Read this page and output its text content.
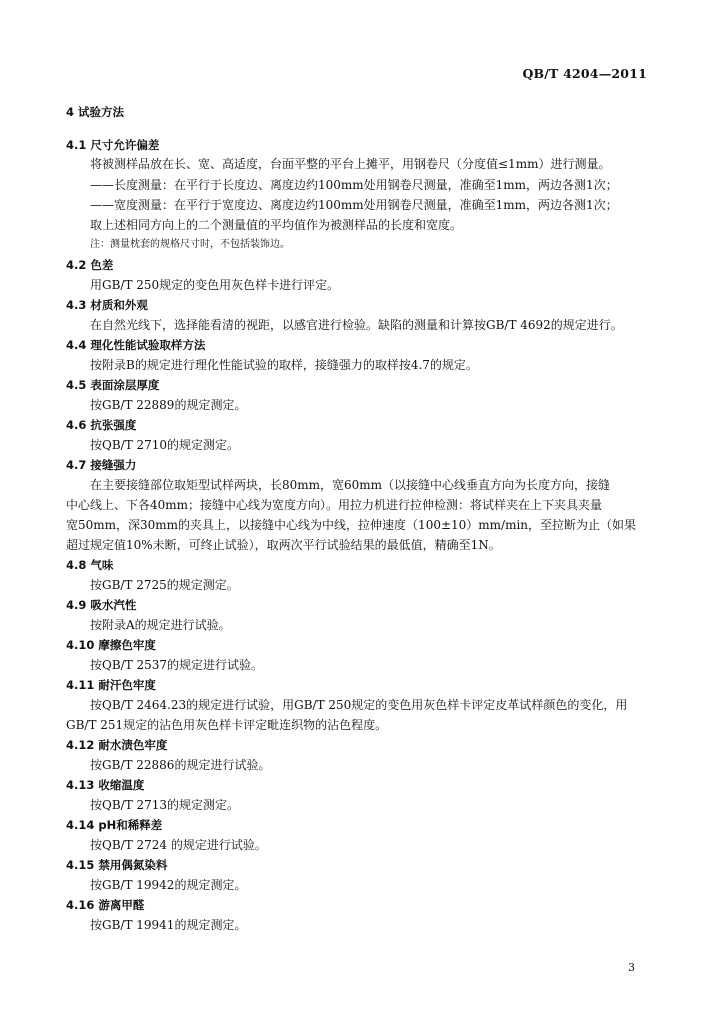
QB/T 4204—2011
4 试验方法
4.1 尺寸允许偏差
将被测样品放在长、宽、高适度，台面平整的平台上摊平，用钢卷尺（分度值≤1mm）进行测量。
——长度测量：在平行于长度边、离度边约100mm处用钢卷尺测量，准确至1mm，两边各测1次；
——宽度测量：在平行于宽度边、离度边约100mm处用钢卷尺测量，准确至1mm，两边各测1次；
取上述相同方向上的二个测量值的平均值作为被测样品的长度和宽度。
注：测量枕套的规格尺寸时，不包括装饰边。
4.2 色差
用GB/T 250规定的变色用灰色样卡进行评定。
4.3 材质和外观
在自然光线下，选择能看清的视距，以感官进行检验。缺陷的测量和计算按GB/T 4692的规定进行。
4.4 理化性能试验取样方法
按附录B的规定进行理化性能试验的取样，接缝强力的取样按4.7的规定。
4.5 表面涂层厚度
按GB/T 22889的规定测定。
4.6 抗张强度
按QB/T 2710的规定测定。
4.7 接缝强力
在主要接缝部位取矩型试样两块，长80mm，宽60mm（以接缝中心线垂直方向为长度方向，接缝
中心线上、下各40mm；接缝中心线为宽度方向）。用拉力机进行拉伸检测：将试样夹在上下夹具夹量
宽50mm，深30mm的夹具上，以接缝中心线为中线，拉伸速度（100±10）mm/min，至拉断为止（如果
超过规定值10%未断，可终止试验），取两次平行试验结果的最低值，精确至1N。
4.8 气味
按GB/T 2725的规定测定。
4.9 吸水汽性
按附录A的规定进行试验。
4.10 摩擦色牢度
按QB/T 2537的规定进行试验。
4.11 耐汗色牢度
按QB/T 2464.23的规定进行试验，用GB/T 250规定的变色用灰色样卡评定皮革试样颜色的变化，用
GB/T 251规定的沾色用灰色样卡评定毗连织物的沾色程度。
4.12 耐水渍色牢度
按GB/T 22886的规定进行试验。
4.13 收缩温度
按QB/T 2713的规定测定。
4.14 pH和稀释差
按QB/T 2724 的规定进行试验。
4.15 禁用偶氮染料
按GB/T 19942的规定测定。
4.16 游离甲醛
按GB/T 19941的规定测定。
3
